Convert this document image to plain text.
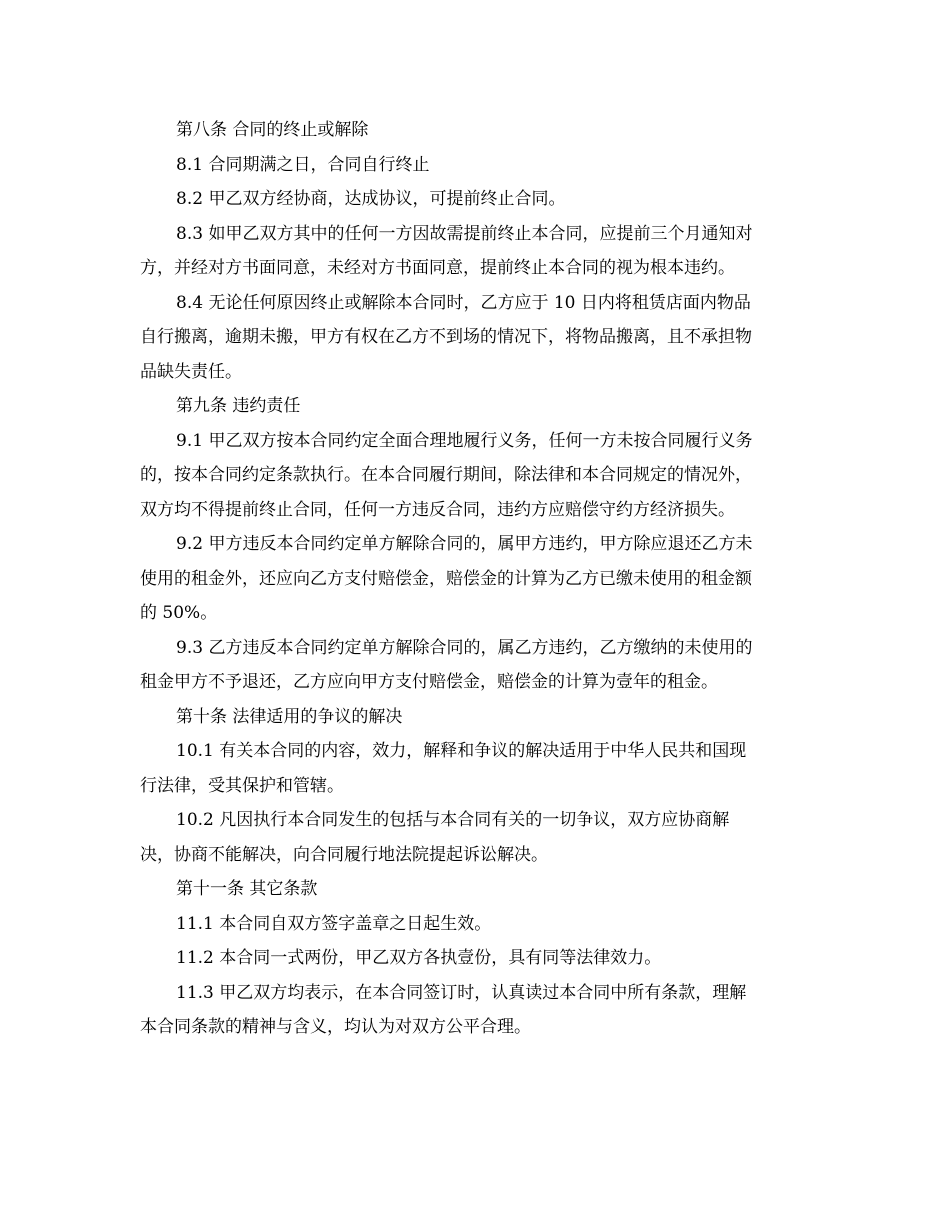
第八条 合同的终止或解除

8.1 合同期满之日，合同自行终止

8.2 甲乙双方经协商，达成协议，可提前终止合同。

8.3 如甲乙双方其中的任何一方因故需提前终止本合同，应提前三个月通知对
方，并经对方书面同意，未经对方书面同意，提前终止本合同的视为根本违约。

8.4 无论任何原因终止或解除本合同时，乙方应于 10 日内将租赁店面内物品
自行搬离，逾期未搬，甲方有权在乙方不到场的情况下，将物品搬离，且不承担物
品缺失责任。

第九条 违约责任

9.1 甲乙双方按本合同约定全面合理地履行义务，任何一方未按合同履行义务
的，按本合同约定条款执行。在本合同履行期间，除法律和本合同规定的情况外，
双方均不得提前终止合同，任何一方违反合同，违约方应赔偿守约方经济损失。

9.2 甲方违反本合同约定单方解除合同的，属甲方违约，甲方除应退还乙方未
使用的租金外，还应向乙方支付赔偿金，赔偿金的计算为乙方已缴未使用的租金额
的 50%。

9.3 乙方违反本合同约定单方解除合同的，属乙方违约，乙方缴纳的未使用的
租金甲方不予退还，乙方应向甲方支付赔偿金，赔偿金的计算为壹年的租金。

第十条 法律适用的争议的解决

10.1 有关本合同的内容，效力，解释和争议的解决适用于中华人民共和国现
行法律，受其保护和管辖。

10.2 凡因执行本合同发生的包括与本合同有关的一切争议，双方应协商解
决，协商不能解决，向合同履行地法院提起诉讼解决。

第十一条 其它条款

11.1 本合同自双方签字盖章之日起生效。

11.2 本合同一式两份，甲乙双方各执壹份，具有同等法律效力。

11.3 甲乙双方均表示，在本合同签订时，认真读过本合同中所有条款，理解
本合同条款的精神与含义，均认为对双方公平合理。
